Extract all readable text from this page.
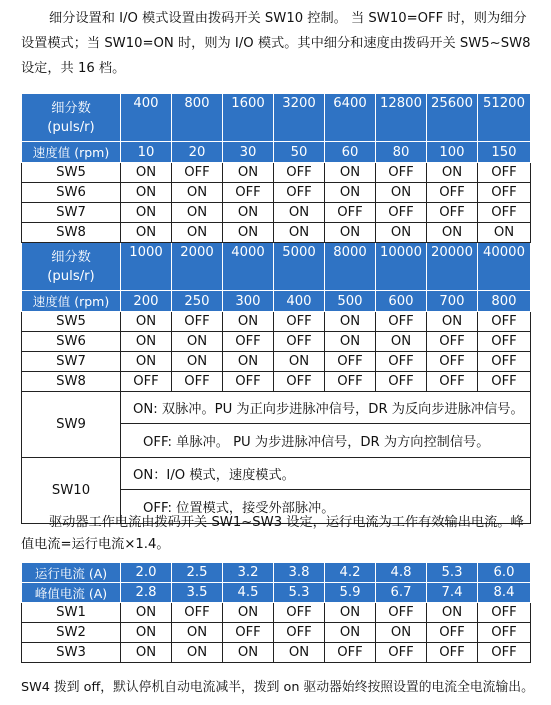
细分设置和 I/O 模式设置由拨码开关 SW10 控制。 当 SW10=OFF 时，则为细分
设置模式；当 SW10=ON 时，则为 I/O 模式。其中细分和速度由拨码开关 SW5~SW8
设定，共 16 档。

细分数
(puls/r)	400	800	1600	3200	6400	12800	25600	51200
速度值 (rpm)	10	20	30	50	60	80	100	150
SW5	ON	OFF	ON	OFF	ON	OFF	ON	OFF
SW6	ON	ON	OFF	OFF	ON	ON	OFF	OFF
SW7	ON	ON	ON	ON	OFF	OFF	OFF	OFF
SW8	ON	ON	ON	ON	ON	ON	ON	ON

细分数
(puls/r)	1000	2000	4000	5000	8000	10000	20000	40000
速度值 (rpm)	200	250	300	400	500	600	700	800
SW5	ON	OFF	ON	OFF	ON	OFF	ON	OFF
SW6	ON	ON	OFF	OFF	ON	ON	OFF	OFF
SW7	ON	ON	ON	ON	OFF	OFF	OFF	OFF
SW8	OFF	OFF	OFF	OFF	OFF	OFF	OFF	OFF
SW9	ON: 双脉冲。PU 为正向步进脉冲信号，DR 为反向步进脉冲信号。							
	OFF: 单脉冲。 PU 为步进脉冲信号，DR 为方向控制信号。							
SW10	ON：I/O 模式，速度模式。							
	OFF: 位置模式，接受外部脉冲。							

驱动器工作电流由拨码开关 SW1~SW3 设定，运行电流为工作有效输出电流。峰
值电流=运行电流×1.4。

运行电流 (A)	2.0	2.5	3.2	3.8	4.2	4.8	5.3	6.0
峰值电流 (A)	2.8	3.5	4.5	5.3	5.9	6.7	7.4	8.4
SW1	ON	OFF	ON	OFF	ON	OFF	ON	OFF
SW2	ON	ON	OFF	OFF	ON	ON	OFF	OFF
SW3	ON	ON	ON	ON	OFF	OFF	OFF	OFF

SW4 拨到 off，默认停机自动电流减半，拨到 on 驱动器始终按照设置的电流全电流输出。
